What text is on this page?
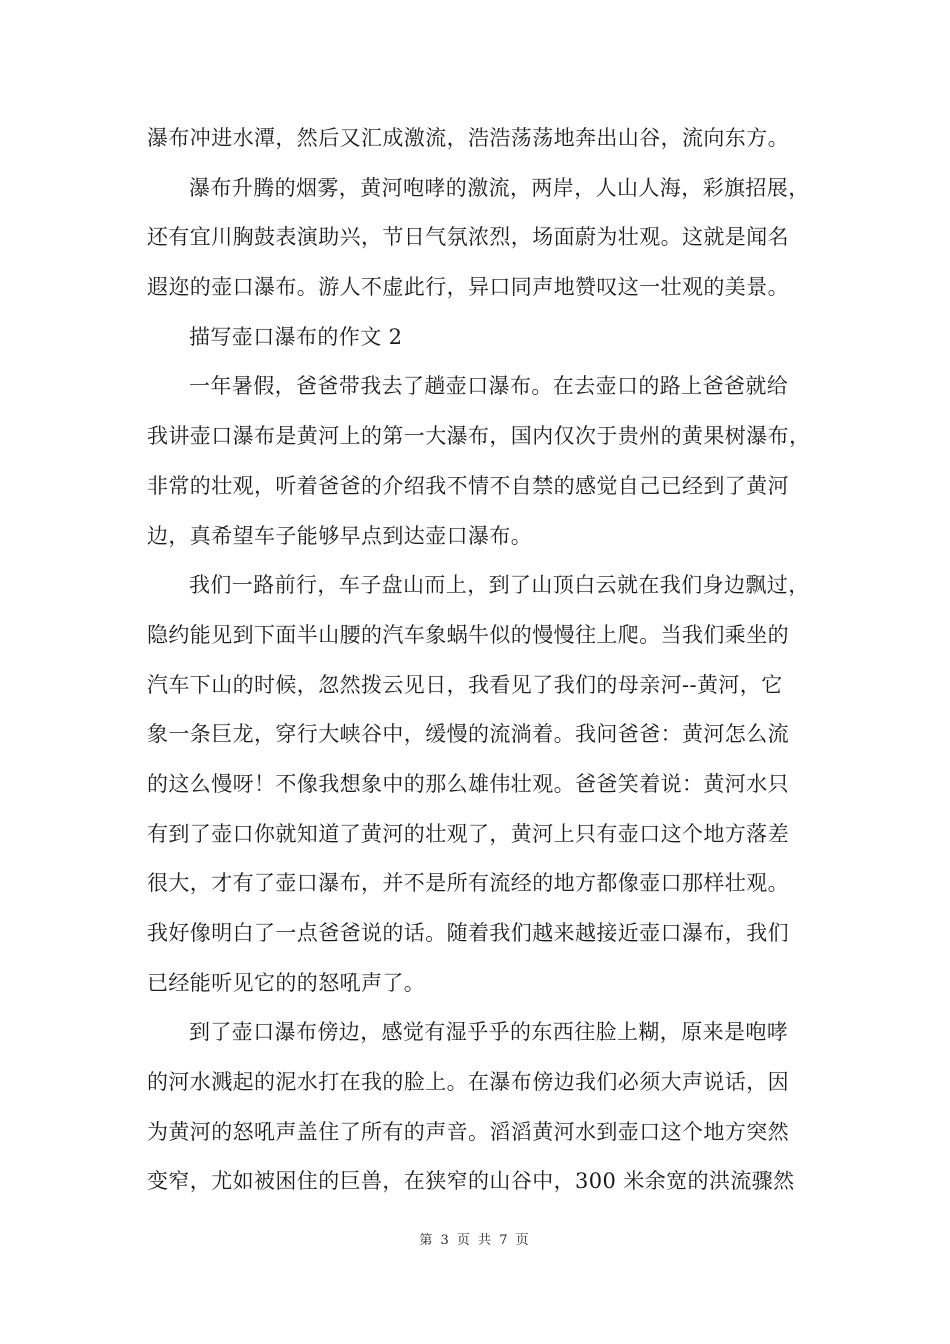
瀑布冲进水潭，然后又汇成激流，浩浩荡荡地奔出山谷，流向东方。
瀑布升腾的烟雾，黄河咆哮的激流，两岸，人山人海，彩旗招展，
还有宜川胸鼓表演助兴，节日气氛浓烈，场面蔚为壮观。这就是闻名
遐迩的壶口瀑布。游人不虚此行，异口同声地赞叹这一壮观的美景。
描写壶口瀑布的作文 2
一年暑假，爸爸带我去了趟壶口瀑布。在去壶口的路上爸爸就给
我讲壶口瀑布是黄河上的第一大瀑布，国内仅次于贵州的黄果树瀑布，
非常的壮观，听着爸爸的介绍我不情不自禁的感觉自己已经到了黄河
边，真希望车子能够早点到达壶口瀑布。
我们一路前行，车子盘山而上，到了山顶白云就在我们身边飘过，
隐约能见到下面半山腰的汽车象蜗牛似的慢慢往上爬。当我们乘坐的
汽车下山的时候，忽然拨云见日，我看见了我们的母亲河--黄河，它
象一条巨龙，穿行大峡谷中，缓慢的流淌着。我问爸爸：黄河怎么流
的这么慢呀！不像我想象中的那么雄伟壮观。爸爸笑着说：黄河水只
有到了壶口你就知道了黄河的壮观了，黄河上只有壶口这个地方落差
很大，才有了壶口瀑布，并不是所有流经的地方都像壶口那样壮观。
我好像明白了一点爸爸说的话。随着我们越来越接近壶口瀑布，我们
已经能听见它的的怒吼声了。
到了壶口瀑布傍边，感觉有湿乎乎的东西往脸上糊，原来是咆哮
的河水溅起的泥水打在我的脸上。在瀑布傍边我们必须大声说话，因
为黄河的怒吼声盖住了所有的声音。滔滔黄河水到壶口这个地方突然
变窄，尤如被困住的巨兽，在狭窄的山谷中，300 米余宽的洪流骤然
第 3 页 共 7 页
